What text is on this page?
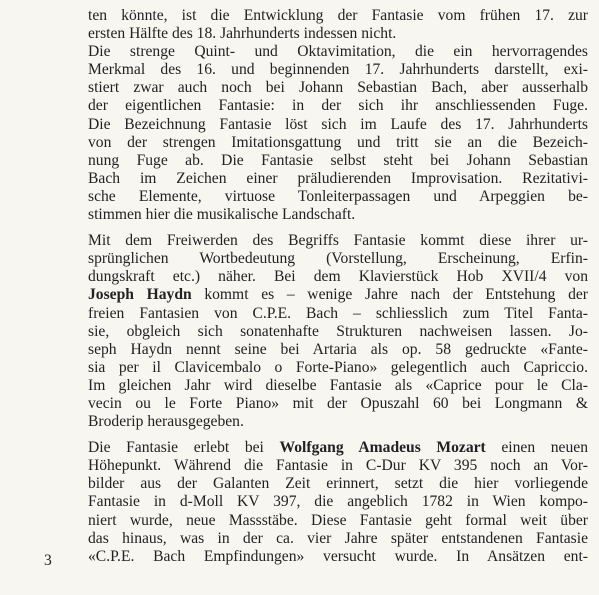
ten könnte, ist die Entwicklung der Fantasie vom frühen 17. zur
ersten Hälfte des 18. Jahrhunderts indessen nicht.
Die strenge Quint- und Oktavimitation, die ein hervorragendes
Merkmal des 16. und beginnenden 17. Jahrhunderts darstellt, exi-
stiert zwar auch noch bei Johann Sebastian Bach, aber ausserhalb
der eigentlichen Fantasie: in der sich ihr anschliessenden Fuge.
Die Bezeichnung Fantasie löst sich im Laufe des 17. Jahrhunderts
von der strengen Imitationsgattung und tritt sie an die Bezeich-
nung Fuge ab. Die Fantasie selbst steht bei Johann Sebastian
Bach im Zeichen einer präludierenden Improvisation. Rezitativi-
sche Elemente, virtuose Tonleiterpassagen und Arpeggien be-
stimmen hier die musikalische Landschaft.
Mit dem Freiwerden des Begriffs Fantasie kommt diese ihrer ur-
sprünglichen Wortbedeutung (Vorstellung, Erscheinung, Erfin-
dungskraft etc.) näher. Bei dem Klavierstück Hob XVII/4 von
Joseph Haydn kommt es – wenige Jahre nach der Entstehung der
freien Fantasien von C.P.E. Bach – schliesslich zum Titel Fanta-
sie, obgleich sich sonatenhafte Strukturen nachweisen lassen. Jo-
seph Haydn nennt seine bei Artaria als op. 58 gedruckte «Fante-
sia per il Clavicembalo o Forte-Piano» gelegentlich auch Capriccio.
Im gleichen Jahr wird dieselbe Fantasie als «Caprice pour le Cla-
vecin ou le Forte Piano» mit der Opuszahl 60 bei Longmann &
Broderip herausgegeben.
Die Fantasie erlebt bei Wolfgang Amadeus Mozart einen neuen
Höhepunkt. Während die Fantasie in C-Dur KV 395 noch an Vor-
bilder aus der Galanten Zeit erinnert, setzt die hier vorliegende
Fantasie in d-Moll KV 397, die angeblich 1782 in Wien kompo-
niert wurde, neue Massstäbe. Diese Fantasie geht formal weit über
das hinaus, was in der ca. vier Jahre später entstandenen Fantasie
«C.P.E. Bach Empfindungen» versucht wurde. In Ansätzen ent-
3
